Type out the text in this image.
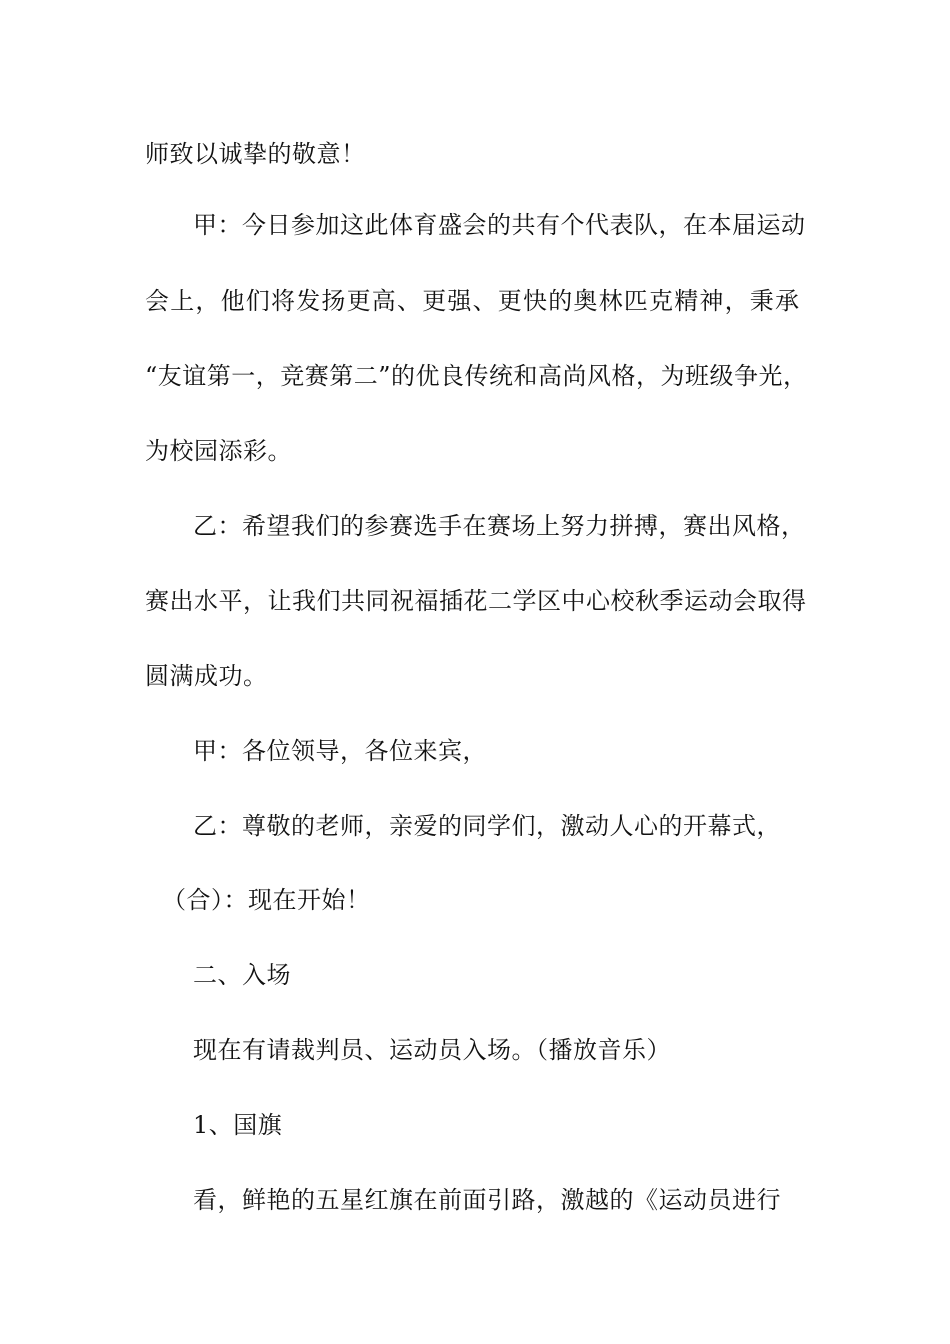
师致以诚挚的敬意！
甲：今日参加这此体育盛会的共有个代表队，在本届运动
会上，他们将发扬更高、更强、更快的奥林匹克精神，秉承
“友谊第一，竞赛第二”的优良传统和高尚风格，为班级争光，
为校园添彩。
乙：希望我们的参赛选手在赛场上努力拼搏，赛出风格，
赛出水平，让我们共同祝福插花二学区中心校秋季运动会取得
圆满成功。
甲：各位领导，各位来宾，
乙：尊敬的老师，亲爱的同学们，激动人心的开幕式，
（合）：现在开始！
二、入场
现在有请裁判员、运动员入场。（播放音乐）
1、国旗
看，鲜艳的五星红旗在前面引路，激越的《运动员进行
